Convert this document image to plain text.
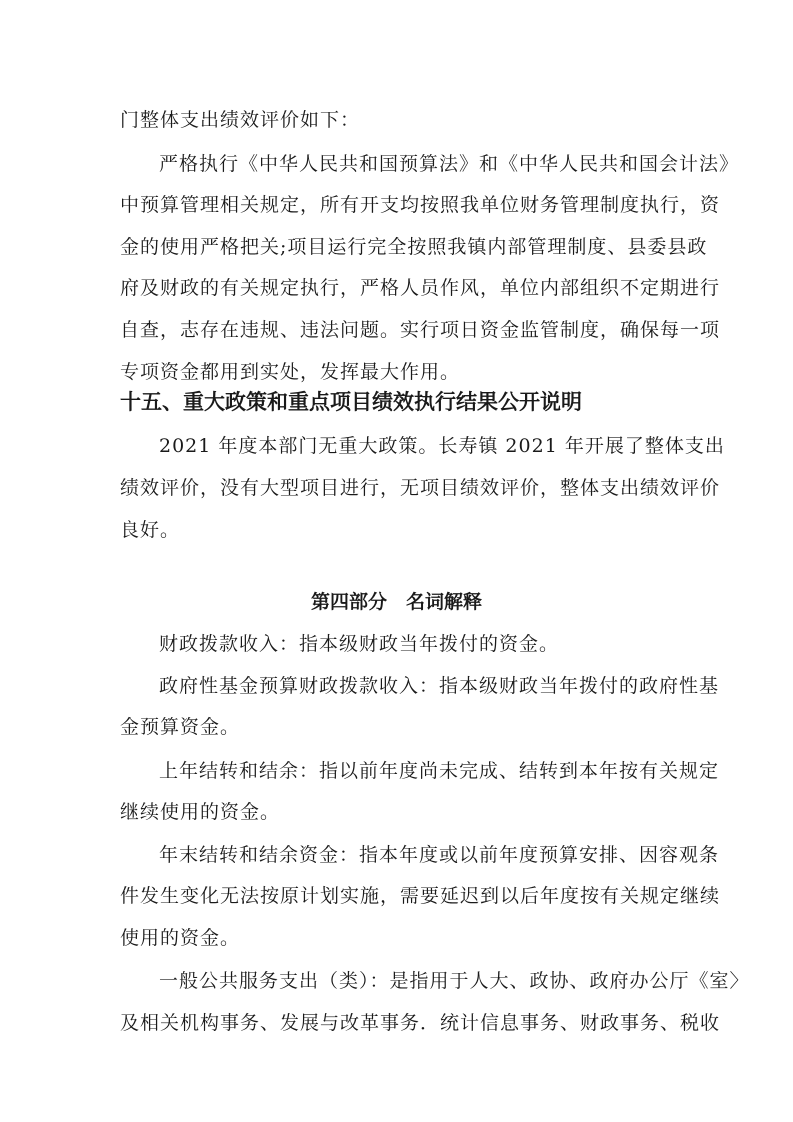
门整体支出绩效评价如下：
严格执行《中华人民共和国预算法》和《中华人民共和国会计法》
中预算管理相关规定，所有开支均按照我单位财务管理制度执行，资
金的使用严格把关;项目运行完全按照我镇内部管理制度、县委县政
府及财政的有关规定执行，严格人员作风，单位内部组织不定期进行
自查，志存在违规、违法问题。实行项日资金监管制度，确保每一项
专项资金都用到实处，发挥最大作用。
十五、重大政策和重点项目绩效执行结果公开说明
2021 年度本部门无重大政策。长寿镇 2021 年开展了整体支出
绩效评价，没有大型项目进行，无项目绩效评价，整体支出绩效评价
良好。
第四部分　名词解释
财政拨款收入：指本级财政当年拨付的资金。
政府性基金预算财政拨款收入：指本级财政当年拨付的政府性基
金预算资金。
上年结转和结余：指以前年度尚未完成、结转到本年按有关规定
继续使用的资金。
年末结转和结余资金：指本年度或以前年度预算安排、因容观条
件发生变化无法按原计划实施，需要延迟到以后年度按有关规定继续
使用的资金。
一般公共服务支出（类）：是指用于人大、政协、政府办公厅《室〉
及相关机构事务、发展与改革事务．统计信息事务、财政事务、税收
